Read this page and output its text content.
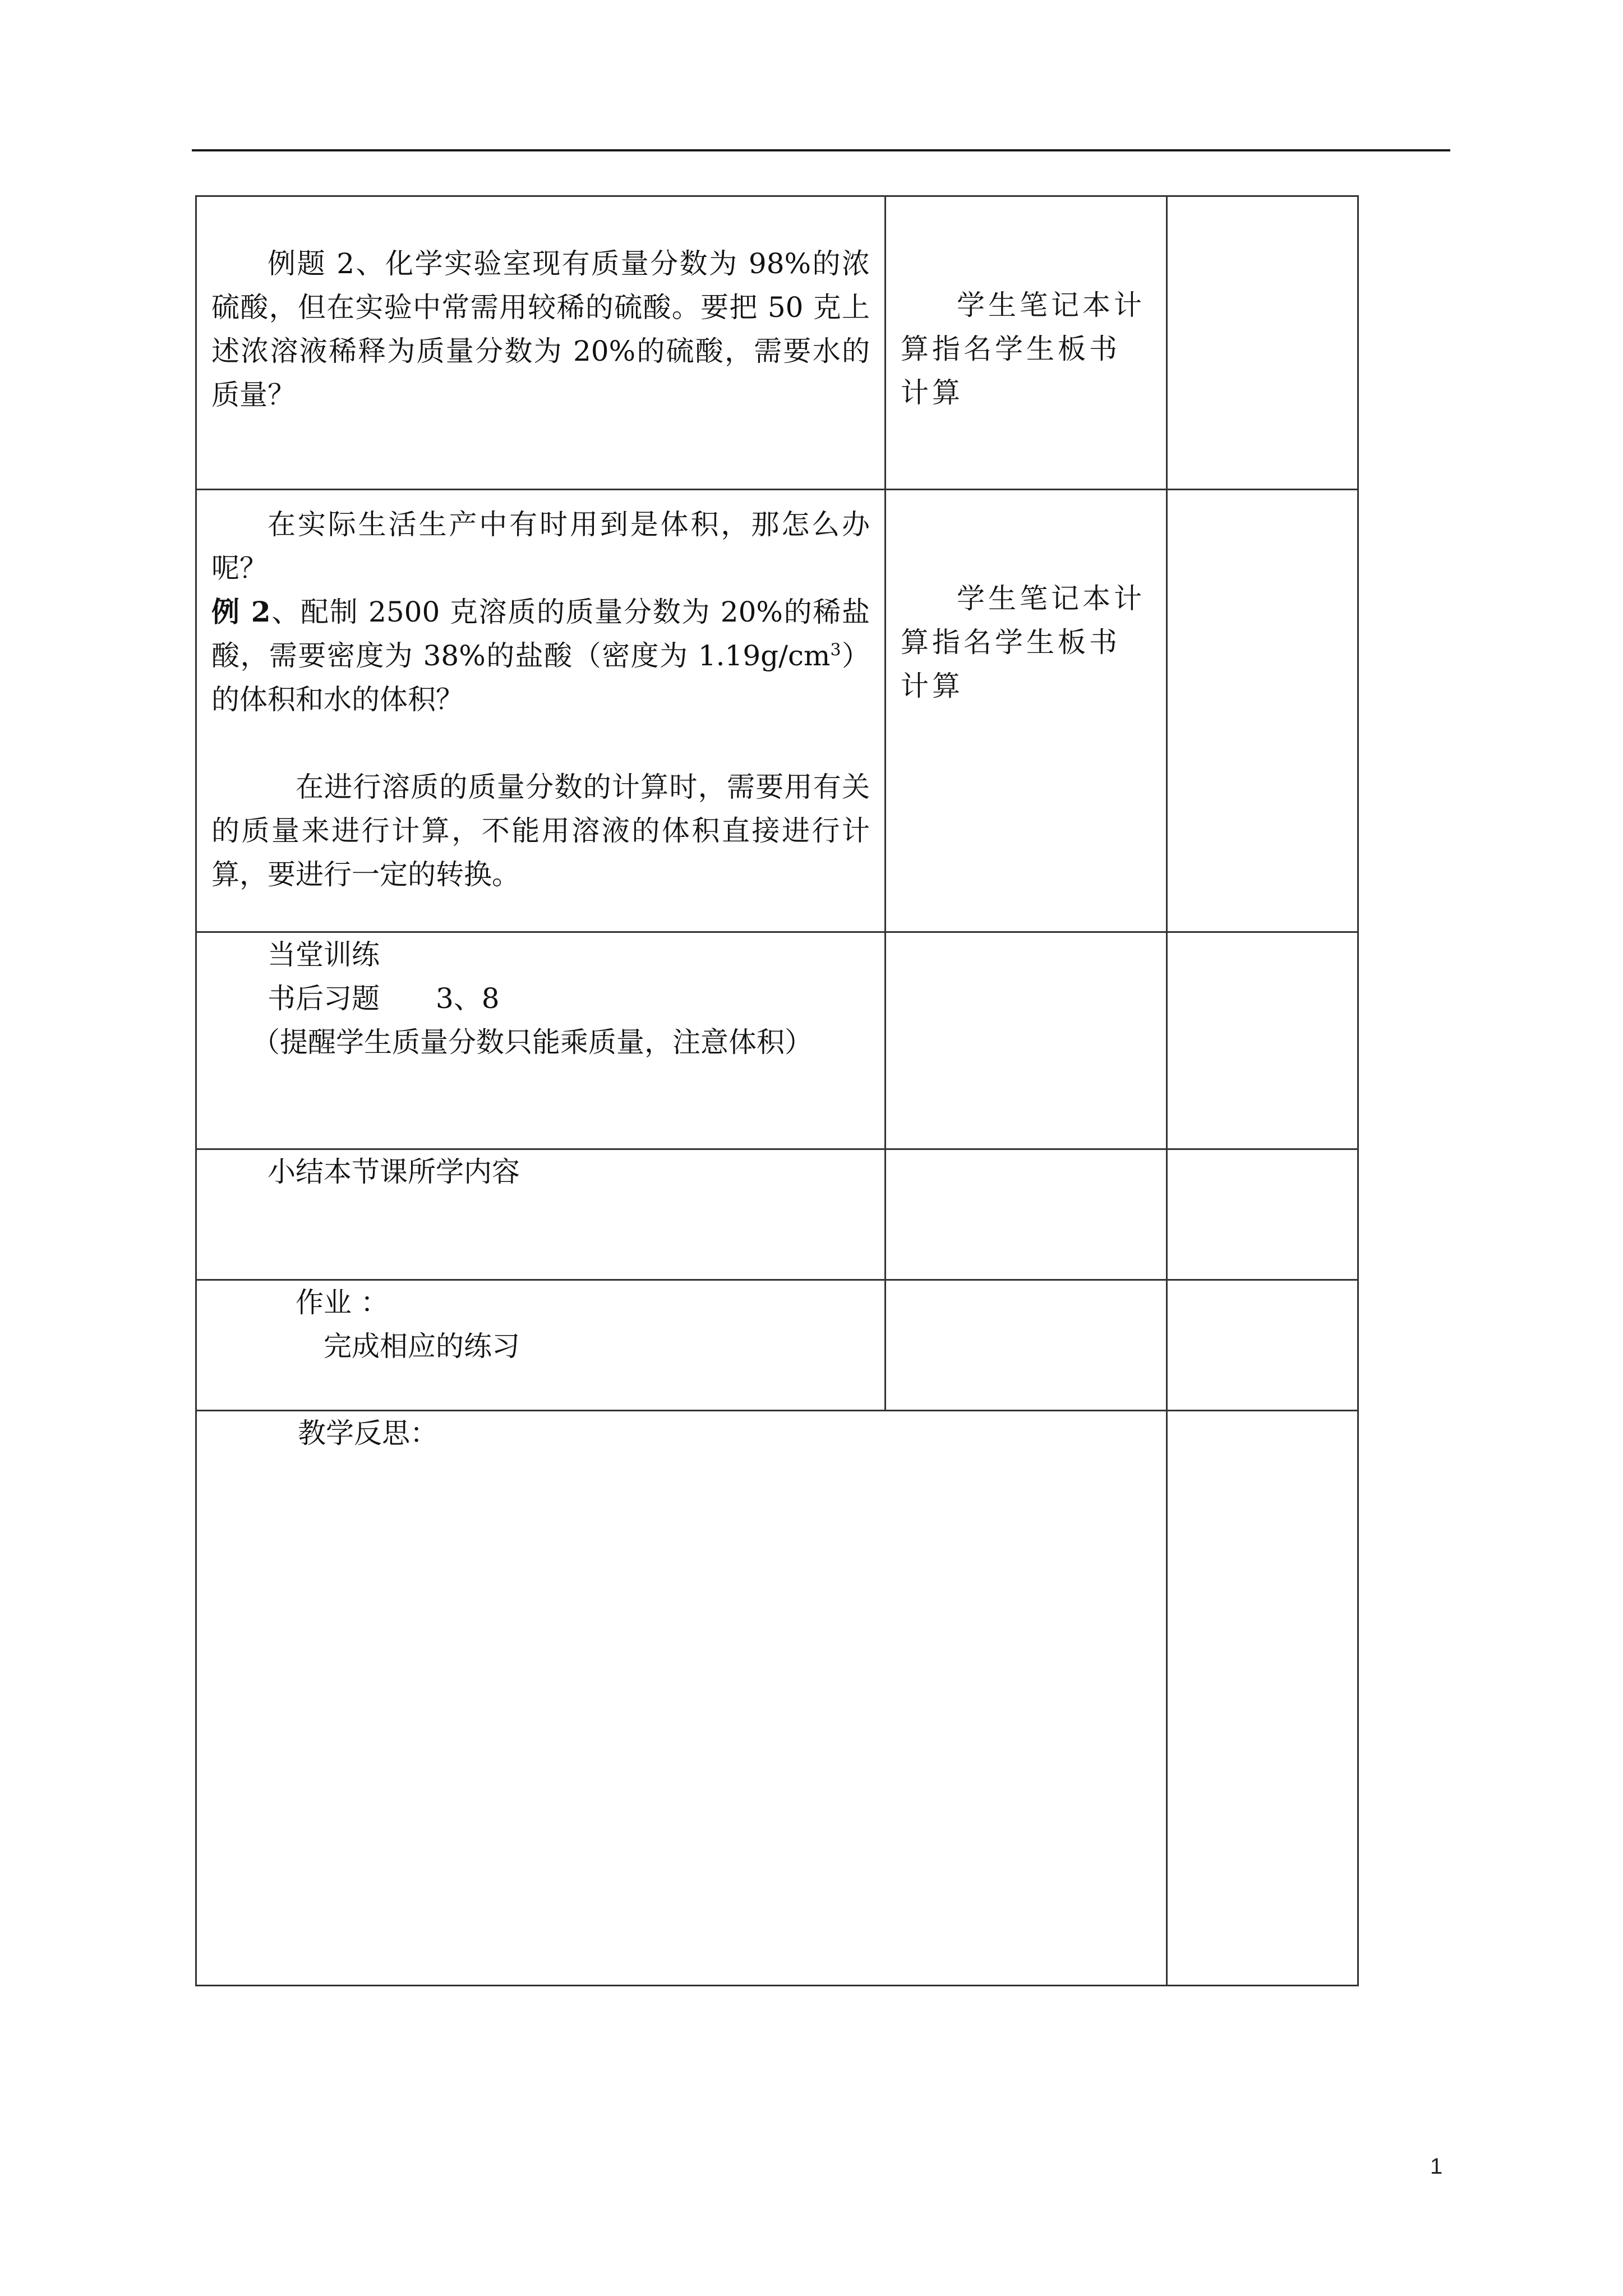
例题 2、化学实验室现有质量分数为 98%的浓硫酸，但在实验中常需用较稀的硫酸。要把 50 克上述浓溶液稀释为质量分数为 20%的硫酸，需要水的质量？	学生笔记本计算指名学生板书计算	

在实际生活生产中有时用到是体积，那怎么办呢？

例 2、配制 2500 克溶质的质量分数为 20%的稀盐酸，需要密度为 38%的盐酸（密度为 $1.19g/cm^3$）的体积和水的体积？

在进行溶质的质量分数的计算时，需要用有关的质量来进行计算，不能用溶液的体积直接进行计算，要进行一定的转换。	学生笔记本计算指名学生板书计算	

当堂训练

书后习题　　3、8

（提醒学生质量分数只能乘质量，注意体积）		

小结本节课所学内容		

作业 ：

完成相应的练习		

教学反思：		

1
